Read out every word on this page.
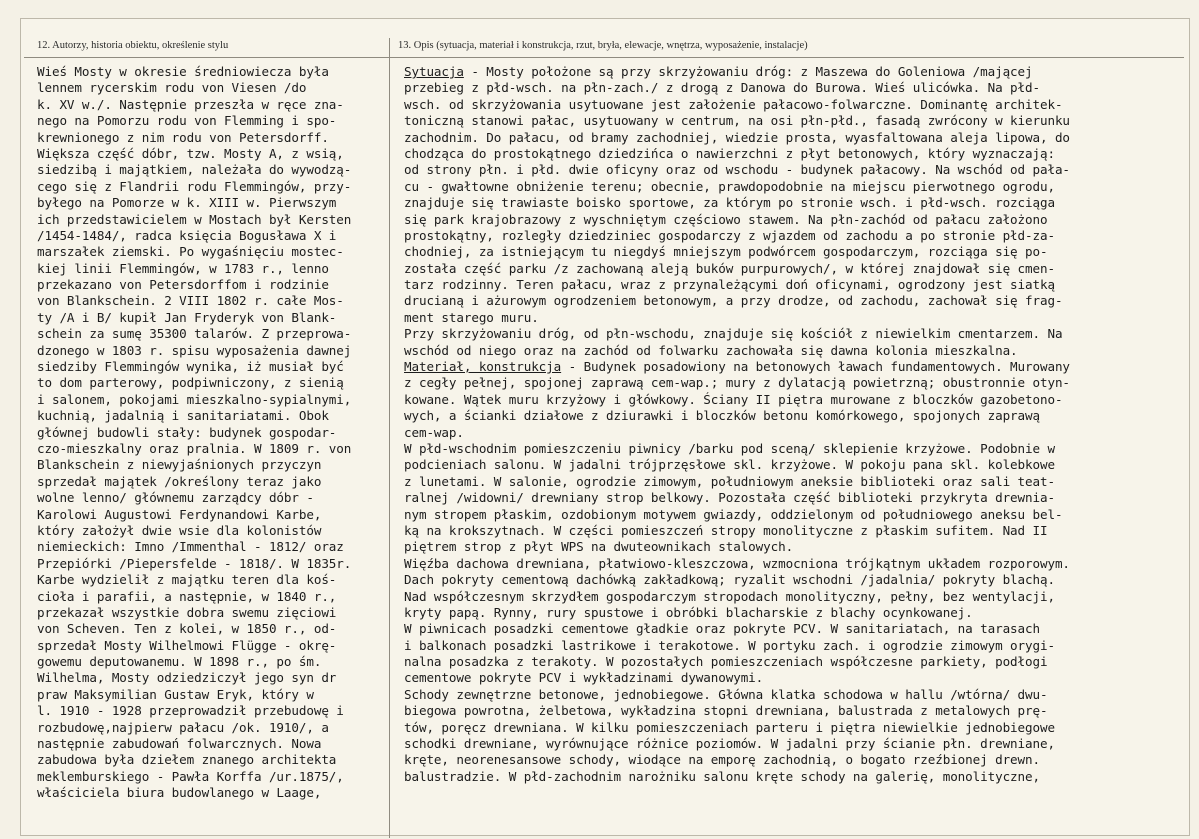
12. Autorzy, historia obiektu, określenie stylu	13. Opis (sytuacja, materiał i konstrukcja, rzut, bryła, elewacje, wnętrza, wyposażenie, instalacje)
Wieś Mosty w okresie średniowiecza była
lennem rycerskim rodu von Viesen /do
k. XV w./. Następnie przeszła w ręce zna-
nego na Pomorzu rodu von Flemming i spo-
krewnionego z nim rodu von Petersdorff.
Większa część dóbr, tzw. Mosty A, z wsią,
siedzibą i majątkiem, należała do wywodzą-
cego się z Flandrii rodu Flemmingów, przy-
byłego na Pomorze w k. XIII w. Pierwszym
ich przedstawicielem w Mostach był Kersten
/1454-1484/, radca księcia Bogusława X i
marszałek ziemski. Po wygaśnięciu mostec-
kiej linii Flemmingów, w 1783 r., lenno
przekazano von Petersdorffom i rodzinie
von Blankschein. 2 VIII 1802 r. całe Mos-
ty /A i B/ kupił Jan Fryderyk von Blank-
schein za sumę 35300 talarów. Z przeprowa-
dzonego w 1803 r. spisu wyposażenia dawnej
siedziby Flemmingów wynika, iż musiał być
to dom parterowy, podpiwniczony, z sienią
i salonem, pokojami mieszkalno-sypialnymi,
kuchnią, jadalnią i sanitariatami. Obok
głównej budowli stały: budynek gospodar-
czo-mieszkalny oraz pralnia. W 1809 r. von
Blankschein z niewyjaśnionych przyczyn
sprzedał majątek /określony teraz jako
wolne lenno/ głównemu zarządcy dóbr -
Karolowi Augustowi Ferdynandowi Karbe,
który założył dwie wsie dla kolonistów
niemieckich: Imno /Immenthal - 1812/ oraz
Przepiórki /Piepersfelde - 1818/. W 1835r.
Karbe wydzielił z majątku teren dla koś-
cioła i parafii, a następnie, w 1840 r.,
przekazał wszystkie dobra swemu zięciowi
von Scheven. Ten z kolei, w 1850 r., od-
sprzedał Mosty Wilhelmowi Flügge - okrę-
gowemu deputowanemu. W 1898 r., po śm.
Wilhelma, Mosty odziedziczył jego syn dr
praw Maksymilian Gustaw Eryk, który w
l. 1910 - 1928 przeprowadził przebudowę i
rozbudowę,najpierw pałacu /ok. 1910/, a
następnie zabudowań folwarcznych. Nowa
zabudowa była dziełem znanego architekta
meklemburskiego - Pawła Korffa /ur.1875/,
właściciela biura budowlanego w Laage,
Sytuacja - Mosty położone są przy skrzyżowaniu dróg: z Maszewa do Goleniowa /mającej
przebieg z płd-wsch. na płn-zach./ z drogą z Danowa do Burowa. Wieś ulicówka. Na płd-
wsch. od skrzyżowania usytuowane jest założenie pałacowo-folwarczne. Dominantę architek-
toniczną stanowi pałac, usytuowany w centrum, na osi płn-płd., fasadą zwrócony w kierunku
zachodnim. Do pałacu, od bramy zachodniej, wiedzie prosta, wyasfaltowana aleja lipowa, do
chodząca do prostokątnego dziedzińca o nawierzchni z płyt betonowych, który wyznaczają:
od strony płn. i płd. dwie oficyny oraz od wschodu - budynek pałacowy. Na wschód od pała-
cu - gwałtowne obniżenie terenu; obecnie, prawdopodobnie na miejscu pierwotnego ogrodu,
znajduje się trawiaste boisko sportowe, za którym po stronie wsch. i płd-wsch. rozciąga
się park krajobrazowy z wyschniętym częściowo stawem. Na płn-zachód od pałacu założono
prostokątny, rozległy dziedziniec gospodarczy z wjazdem od zachodu a po stronie płd-za-
chodniej, za istniejącym tu niegdyś mniejszym podwórcem gospodarczym, rozciąga się po-
została część parku /z zachowaną aleją buków purpurowych/, w której znajdował się cmen-
tarz rodzinny. Teren pałacu, wraz z przynależącymi doń oficynami, ogrodzony jest siatką
drucianą i ażurowym ogrodzeniem betonowym, a przy drodze, od zachodu, zachował się frag-
ment starego muru.
Przy skrzyżowaniu dróg, od płn-wschodu, znajduje się kościół z niewielkim cmentarzem. Na
wschód od niego oraz na zachód od folwarku zachowała się dawna kolonia mieszkalna.
Materiał, konstrukcja - Budynek posadowiony na betonowych ławach fundamentowych. Murowany
z cegły pełnej, spojonej zaprawą cem-wap.; mury z dylatacją powietrzną; obustronnie otyn-
kowane. Wątek muru krzyżowy i główkowy. Ściany II piętra murowane z bloczków gazobetono-
wych, a ścianki działowe z dziurawki i bloczków betonu komórkowego, spojonych zaprawą
cem-wap.
W płd-wschodnim pomieszczeniu piwnicy /barku pod sceną/ sklepienie krzyżowe. Podobnie w
podcieniach salonu. W jadalni trójprzęsłowe skl. krzyżowe. W pokoju pana skl. kolebkowe
z lunetami. W salonie, ogrodzie zimowym, południowym aneksie biblioteki oraz sali teat-
ralnej /widowni/ drewniany strop belkowy. Pozostała część biblioteki przykryta drewnia-
nym stropem płaskim, ozdobionym motywem gwiazdy, oddzielonym od południowego aneksu bel-
ką na krokszytnach. W części pomieszczeń stropy monolityczne z płaskim sufitem. Nad II
piętrem strop z płyt WPS na dwuteownikach stalowych.
Więźba dachowa drewniana, płatwiowo-kleszczowa, wzmocniona trójkątnym układem rozporowym.
Dach pokryty cementową dachówką zakładkową; ryzalit wschodni /jadalnia/ pokryty blachą.
Nad współczesnym skrzydłem gospodarczym stropodach monolityczny, pełny, bez wentylacji,
kryty papą. Rynny, rury spustowe i obróbki blacharskie z blachy ocynkowanej.
W piwnicach posadzki cementowe gładkie oraz pokryte PCV. W sanitariatach, na tarasach
i balkonach posadzki lastrikowe i terakotowe. W portyku zach. i ogrodzie zimowym orygi-
nalna posadzka z terakoty. W pozostałych pomieszczeniach współczesne parkiety, podłogi
cementowe pokryte PCV i wykładzinami dywanowymi.
Schody zewnętrzne betonowe, jednobiegowe. Główna klatka schodowa w hallu /wtórna/ dwu-
biegowa powrotna, żelbetowa, wykładzina stopni drewniana, balustrada z metalowych prę-
tów, poręcz drewniana. W kilku pomieszczeniach parteru i piętra niewielkie jednobiegowe
schodki drewniane, wyrównujące różnice poziomów. W jadalni przy ścianie płn. drewniane,
kręte, neorenesansowe schody, wiodące na emporę zachodnią, o bogato rzeźbionej drewn.
balustradzie. W płd-zachodnim narożniku salonu kręte schody na galerię, monolityczne,
